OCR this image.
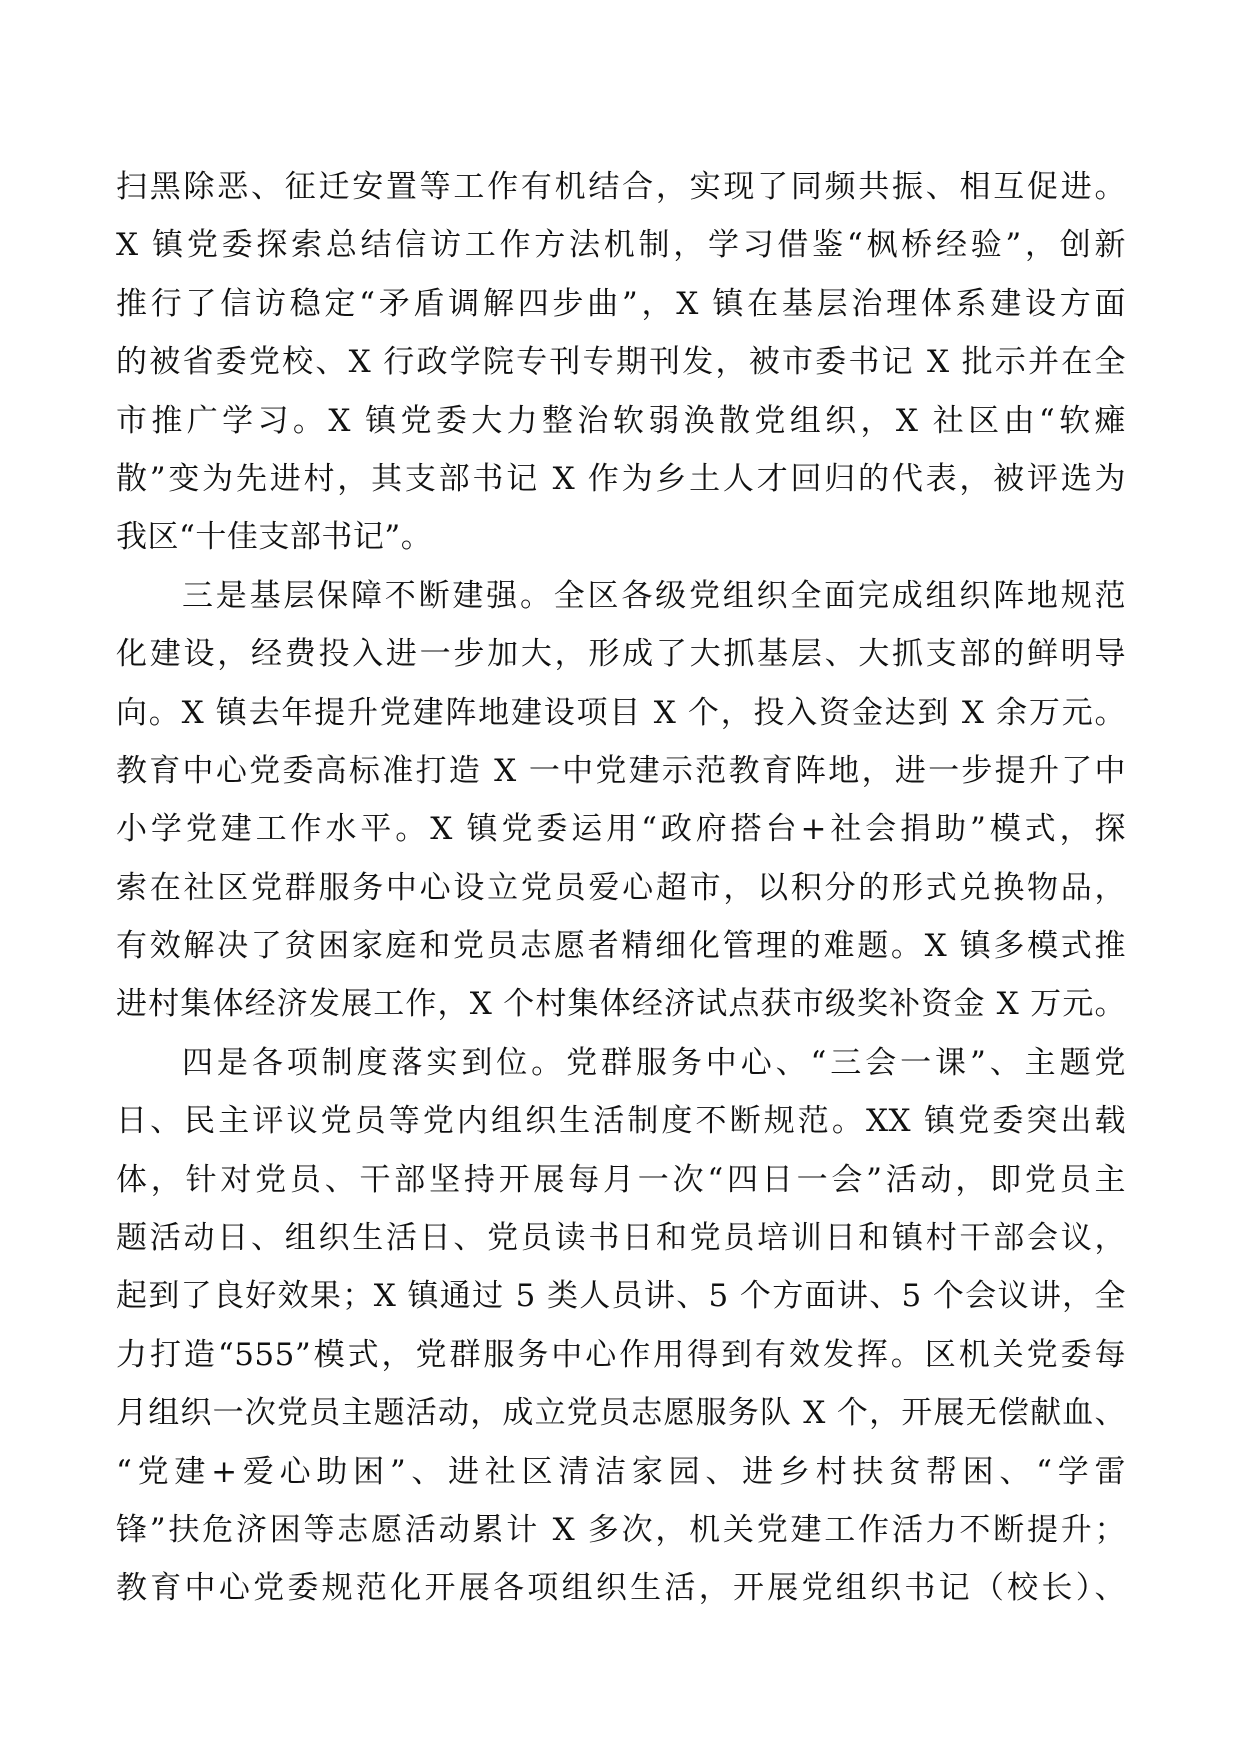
扫黑除恶、征迁安置等工作有机结合，实现了同频共振、相互促进。
X 镇党委探索总结信访工作方法机制，学习借鉴“枫桥经验”，创新
推行了信访稳定“矛盾调解四步曲”，X 镇在基层治理体系建设方面
的被省委党校、X 行政学院专刊专期刊发，被市委书记 X 批示并在全
市推广学习。X 镇党委大力整治软弱涣散党组织，X 社区由“软瘫
散”变为先进村，其支部书记 X 作为乡土人才回归的代表，被评选为
我区“十佳支部书记”。
三是基层保障不断建强。全区各级党组织全面完成组织阵地规范
化建设，经费投入进一步加大，形成了大抓基层、大抓支部的鲜明导
向。X 镇去年提升党建阵地建设项目 X 个，投入资金达到 X 余万元。
教育中心党委高标准打造 X 一中党建示范教育阵地，进一步提升了中
小学党建工作水平。X 镇党委运用“政府搭台+社会捐助”模式，探
索在社区党群服务中心设立党员爱心超市，以积分的形式兑换物品，
有效解决了贫困家庭和党员志愿者精细化管理的难题。X 镇多模式推
进村集体经济发展工作，X 个村集体经济试点获市级奖补资金 X 万元。
四是各项制度落实到位。党群服务中心、“三会一课”、主题党
日、民主评议党员等党内组织生活制度不断规范。XX 镇党委突出载
体，针对党员、干部坚持开展每月一次“四日一会”活动，即党员主
题活动日、组织生活日、党员读书日和党员培训日和镇村干部会议，
起到了良好效果；X 镇通过 5 类人员讲、5 个方面讲、5 个会议讲，全
力打造“555”模式，党群服务中心作用得到有效发挥。区机关党委每
月组织一次党员主题活动，成立党员志愿服务队 X 个，开展无偿献血、
“党建+爱心助困”、进社区清洁家园、进乡村扶贫帮困、“学雷
锋”扶危济困等志愿活动累计 X 多次，机关党建工作活力不断提升；
教育中心党委规范化开展各项组织生活，开展党组织书记（校长）、
